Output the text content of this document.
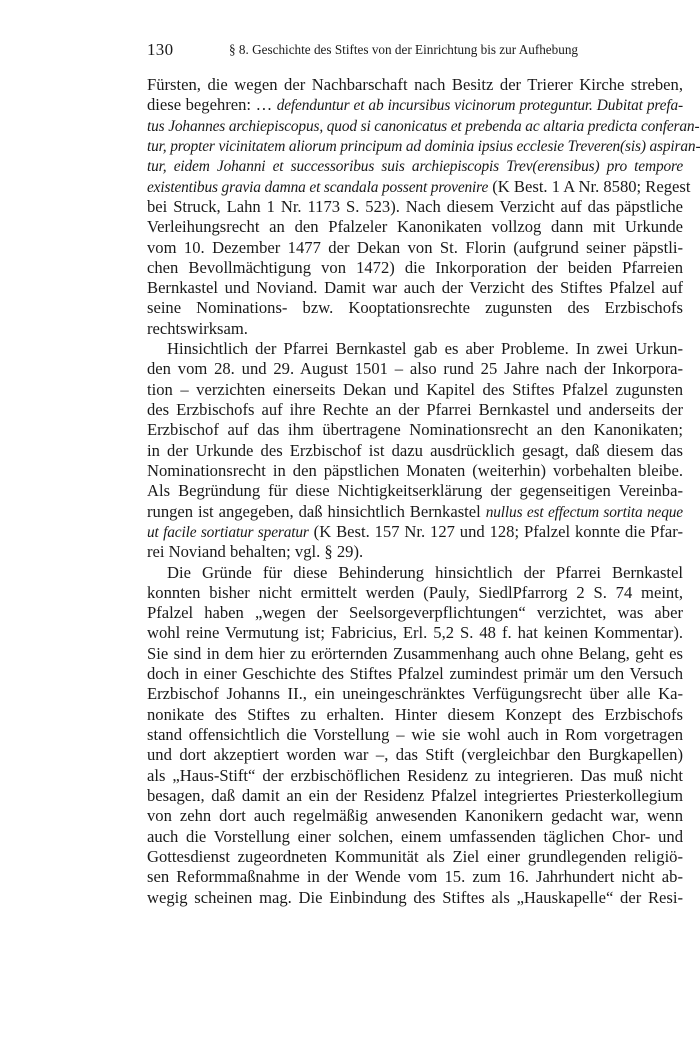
130	§ 8. Geschichte des Stiftes von der Einrichtung bis zur Aufhebung
Fürsten, die wegen der Nachbarschaft nach Besitz der Trierer Kirche streben,
diese begehren: … defenduntur et ab incursibus vicinorum proteguntur. Dubitat prefa-
tus Johannes archiepiscopus, quod si canonicatus et prebenda ac altaria predicta conferan-
tur, propter vicinitatem aliorum principum ad dominia ipsius ecclesie Treveren(sis) aspiran-
tur, eidem Johanni et successoribus suis archiepiscopis Trev(erensibus) pro tempore
existentibus gravia damna et scandala possent provenire (K Best. 1 A Nr. 8580; Regest
bei Struck, Lahn 1 Nr. 1173 S. 523). Nach diesem Verzicht auf das päpstliche
Verleihungsrecht an den Pfalzeler Kanonikaten vollzog dann mit Urkunde
vom 10. Dezember 1477 der Dekan von St. Florin (aufgrund seiner päpstli-
chen Bevollmächtigung von 1472) die Inkorporation der beiden Pfarreien
Bernkastel und Noviand. Damit war auch der Verzicht des Stiftes Pfalzel auf
seine Nominations- bzw. Kooptationsrechte zugunsten des Erzbischofs
rechtswirksam.
Hinsichtlich der Pfarrei Bernkastel gab es aber Probleme. In zwei Urkun-
den vom 28. und 29. August 1501 – also rund 25 Jahre nach der Inkorpora-
tion – verzichten einerseits Dekan und Kapitel des Stiftes Pfalzel zugunsten
des Erzbischofs auf ihre Rechte an der Pfarrei Bernkastel und anderseits der
Erzbischof auf das ihm übertragene Nominationsrecht an den Kanonikaten;
in der Urkunde des Erzbischof ist dazu ausdrücklich gesagt, daß diesem das
Nominationsrecht in den päpstlichen Monaten (weiterhin) vorbehalten bleibe.
Als Begründung für diese Nichtigkeitserklärung der gegenseitigen Vereinba-
rungen ist angegeben, daß hinsichtlich Bernkastel nullus est effectum sortita neque
ut facile sortiatur speratur (K Best. 157 Nr. 127 und 128; Pfalzel konnte die Pfar-
rei Noviand behalten; vgl. § 29).
Die Gründe für diese Behinderung hinsichtlich der Pfarrei Bernkastel
konnten bisher nicht ermittelt werden (Pauly, SiedlPfarrorg 2 S. 74 meint,
Pfalzel haben „wegen der Seelsorgeverpflichtungen“ verzichtet, was aber
wohl reine Vermutung ist; Fabricius, Erl. 5,2 S. 48 f. hat keinen Kommentar).
Sie sind in dem hier zu erörternden Zusammenhang auch ohne Belang, geht es
doch in einer Geschichte des Stiftes Pfalzel zumindest primär um den Versuch
Erzbischof Johanns II., ein uneingeschränktes Verfügungsrecht über alle Ka-
nonikate des Stiftes zu erhalten. Hinter diesem Konzept des Erzbischofs
stand offensichtlich die Vorstellung – wie sie wohl auch in Rom vorgetragen
und dort akzeptiert worden war –, das Stift (vergleichbar den Burgkapellen)
als „Haus-Stift“ der erzbischöflichen Residenz zu integrieren. Das muß nicht
besagen, daß damit an ein der Residenz Pfalzel integriertes Priesterkollegium
von zehn dort auch regelmäßig anwesenden Kanonikern gedacht war, wenn
auch die Vorstellung einer solchen, einem umfassenden täglichen Chor- und
Gottesdienst zugeordneten Kommunität als Ziel einer grundlegenden religiö-
sen Reformmaßnahme in der Wende vom 15. zum 16. Jahrhundert nicht ab-
wegig scheinen mag. Die Einbindung des Stiftes als „Hauskapelle“ der Resi-
